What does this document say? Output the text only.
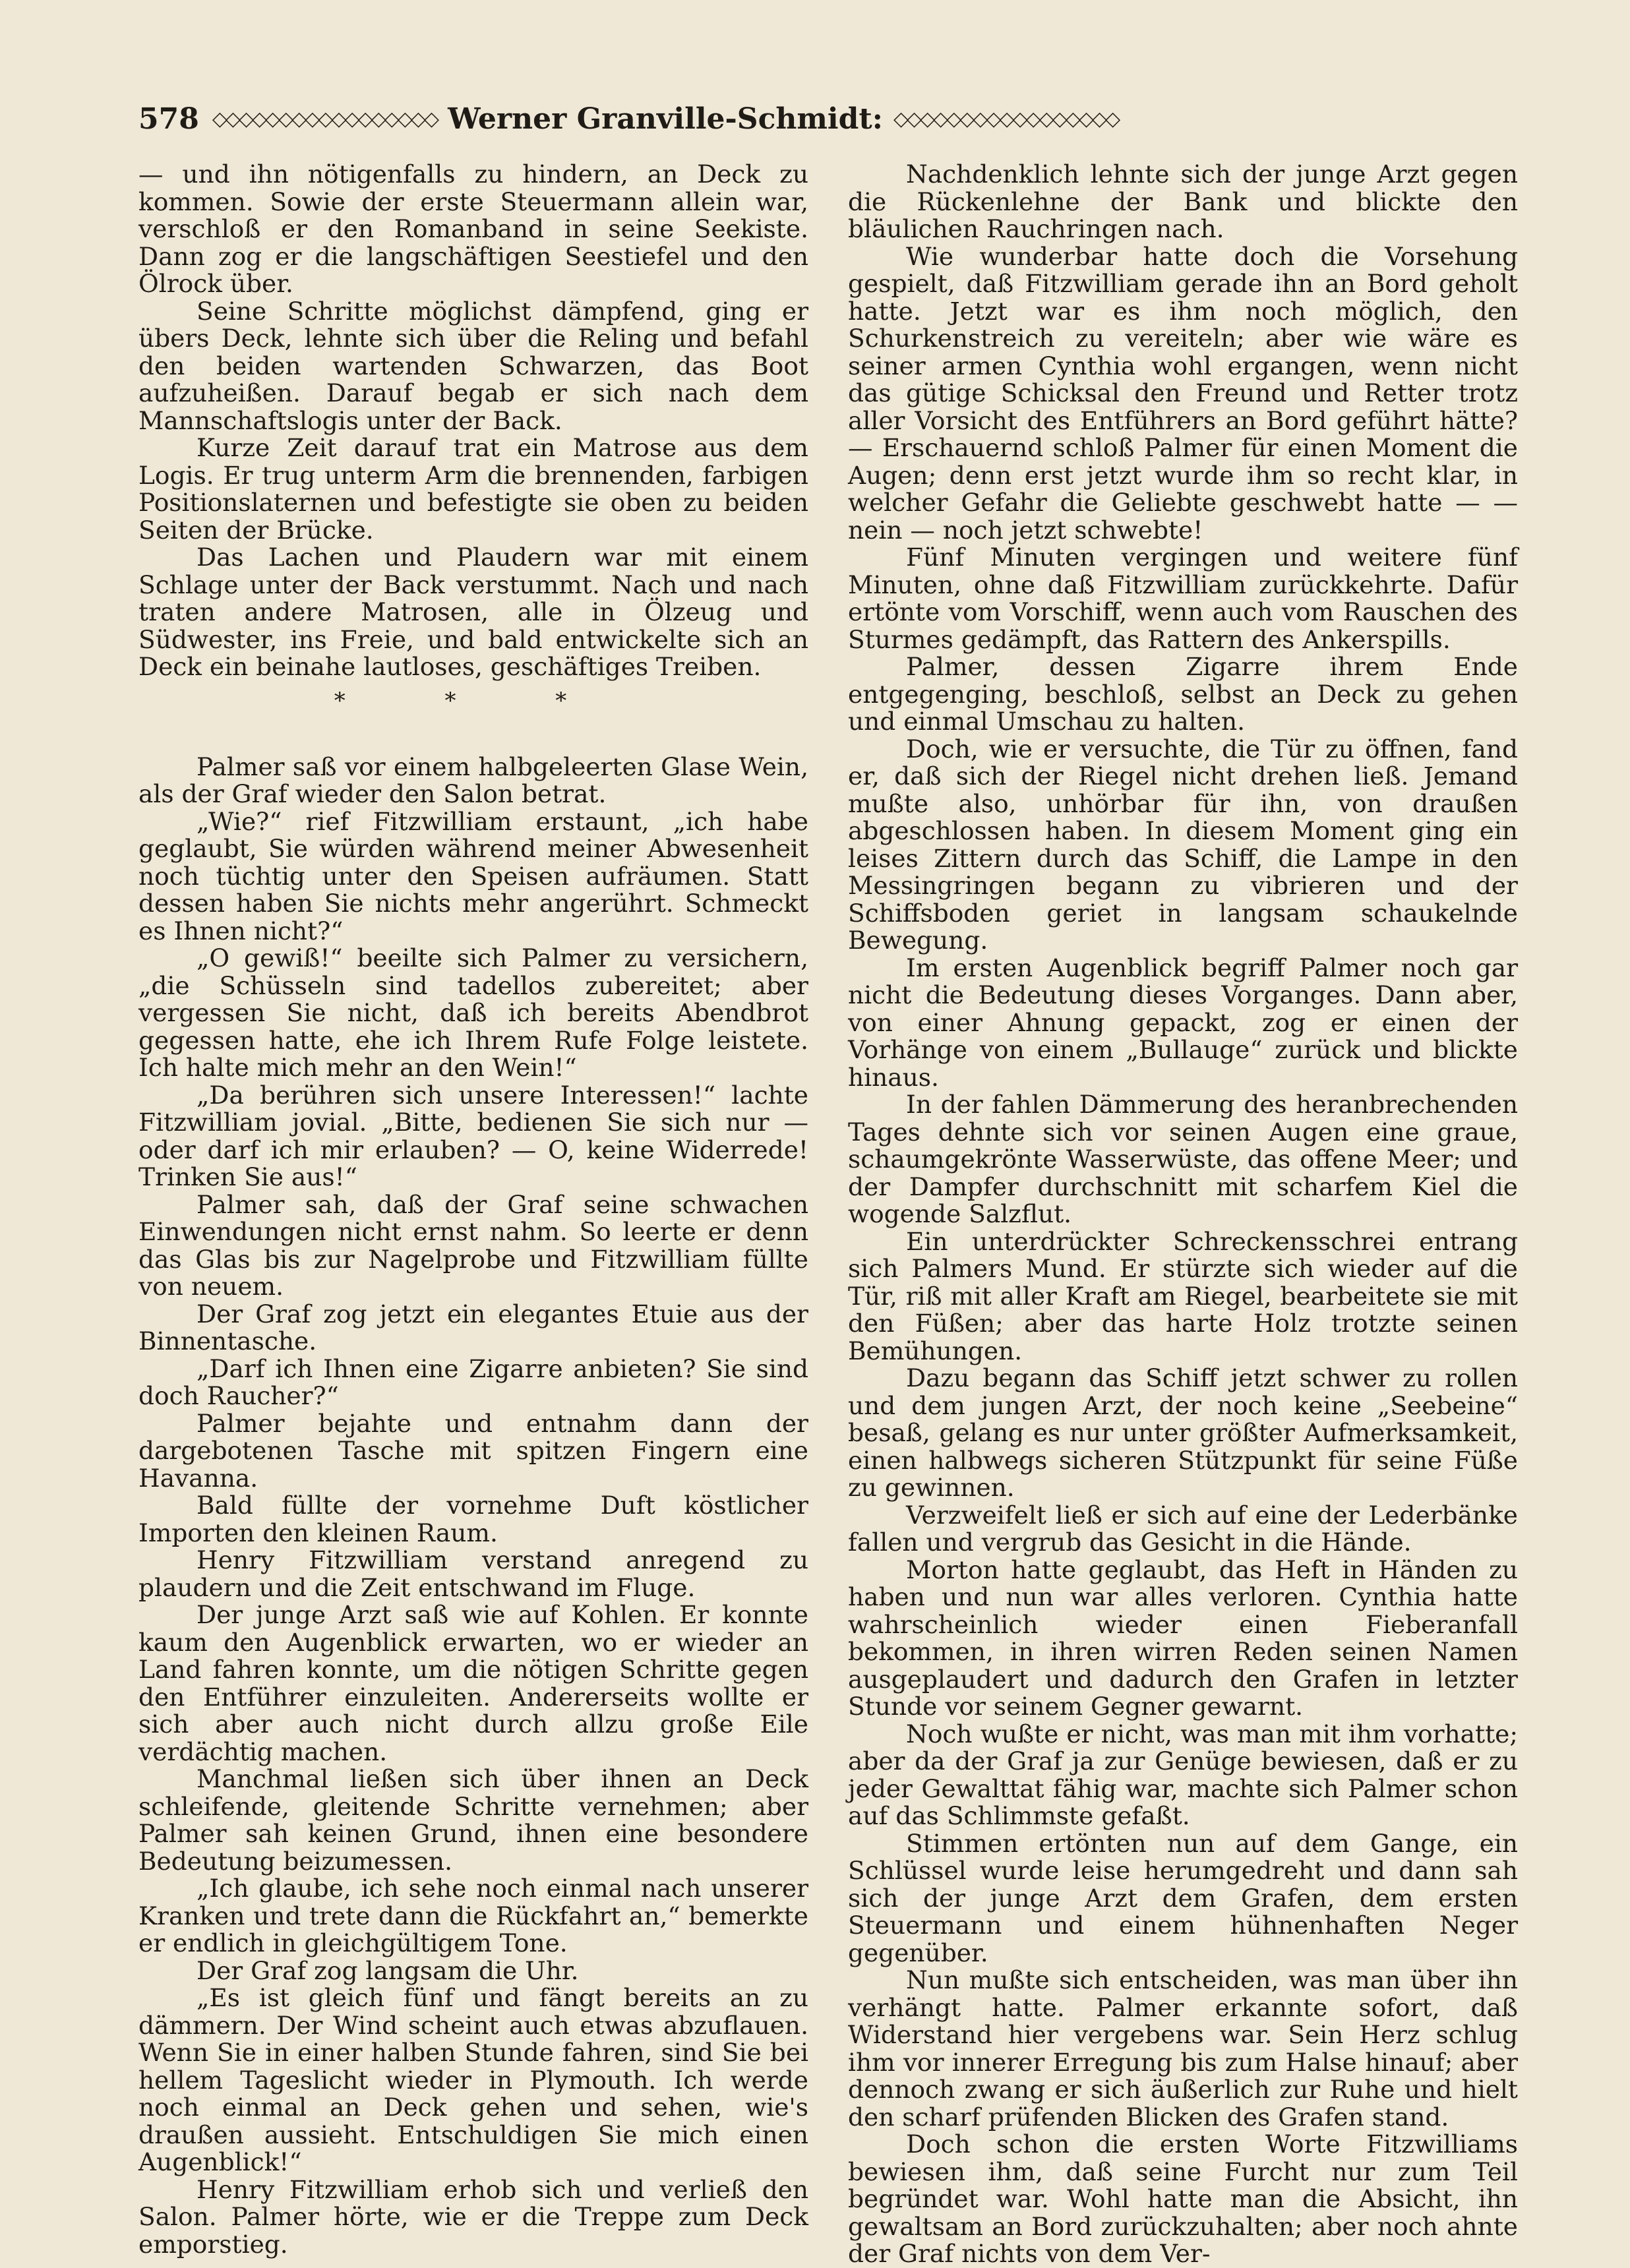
578 ◇◇◇◇◇◇◇◇◇◇◇◇◇◇◇◇◇ Werner Granville-Schmidt: ◇◇◇◇◇◇◇◇◇◇◇◇◇◇◇◇◇

— und ihn nötigenfalls zu hindern, an Deck zu kommen. Sowie der erste Steuermann allein war, verschloß er den Romanband in seine Seekiste. Dann zog er die langschäftigen Seestiefel und den Ölrock über.

Seine Schritte möglichst dämpfend, ging er übers Deck, lehnte sich über die Reling und befahl den beiden wartenden Schwarzen, das Boot aufzuheißen. Darauf begab er sich nach dem Mannschaftslogis unter der Back.

Kurze Zeit darauf trat ein Matrose aus dem Logis. Er trug unterm Arm die brennenden, farbigen Positionslaternen und befestigte sie oben zu beiden Seiten der Brücke.

Das Lachen und Plaudern war mit einem Schlage unter der Back verstummt. Nach und nach traten andere Matrosen, alle in Ölzeug und Südwester, ins Freie, und bald entwickelte sich an Deck ein beinahe lautloses, geschäftiges Treiben.

* * *

Palmer saß vor einem halbgeleerten Glase Wein, als der Graf wieder den Salon betrat.

„Wie?“ rief Fitzwilliam erstaunt, „ich habe geglaubt, Sie würden während meiner Abwesenheit noch tüchtig unter den Speisen aufräumen. Statt dessen haben Sie nichts mehr angerührt. Schmeckt es Ihnen nicht?“

„O gewiß!“ beeilte sich Palmer zu versichern, „die Schüsseln sind tadellos zubereitet; aber vergessen Sie nicht, daß ich bereits Abendbrot gegessen hatte, ehe ich Ihrem Rufe Folge leistete. Ich halte mich mehr an den Wein!“

„Da berühren sich unsere Interessen!“ lachte Fitzwilliam jovial. „Bitte, bedienen Sie sich nur — oder darf ich mir erlauben? — O, keine Widerrede! Trinken Sie aus!“

Palmer sah, daß der Graf seine schwachen Einwendungen nicht ernst nahm. So leerte er denn das Glas bis zur Nagelprobe und Fitzwilliam füllte von neuem.

Der Graf zog jetzt ein elegantes Etuie aus der Binnentasche.

„Darf ich Ihnen eine Zigarre anbieten? Sie sind doch Raucher?“

Palmer bejahte und entnahm dann der dargebotenen Tasche mit spitzen Fingern eine Havanna.

Bald füllte der vornehme Duft köstlicher Importen den kleinen Raum.

Henry Fitzwilliam verstand anregend zu plaudern und die Zeit entschwand im Fluge.

Der junge Arzt saß wie auf Kohlen. Er konnte kaum den Augenblick erwarten, wo er wieder an Land fahren konnte, um die nötigen Schritte gegen den Entführer einzuleiten. Andererseits wollte er sich aber auch nicht durch allzu große Eile verdächtig machen.

Manchmal ließen sich über ihnen an Deck schleifende, gleitende Schritte vernehmen; aber Palmer sah keinen Grund, ihnen eine besondere Bedeutung beizumessen.

„Ich glaube, ich sehe noch einmal nach unserer Kranken und trete dann die Rückfahrt an,“ bemerkte er endlich in gleichgültigem Tone.

Der Graf zog langsam die Uhr.

„Es ist gleich fünf und fängt bereits an zu dämmern. Der Wind scheint auch etwas abzuflauen. Wenn Sie in einer halben Stunde fahren, sind Sie bei hellem Tageslicht wieder in Plymouth. Ich werde noch einmal an Deck gehen und sehen, wie's draußen aussieht. Entschuldigen Sie mich einen Augenblick!“

Henry Fitzwilliam erhob sich und verließ den Salon. Palmer hörte, wie er die Treppe zum Deck emporstieg.

Nachdenklich lehnte sich der junge Arzt gegen die Rückenlehne der Bank und blickte den bläulichen Rauchringen nach.

Wie wunderbar hatte doch die Vorsehung gespielt, daß Fitzwilliam gerade ihn an Bord geholt hatte. Jetzt war es ihm noch möglich, den Schurkenstreich zu vereiteln; aber wie wäre es seiner armen Cynthia wohl ergangen, wenn nicht das gütige Schicksal den Freund und Retter trotz aller Vorsicht des Entführers an Bord geführt hätte? — Erschauernd schloß Palmer für einen Moment die Augen; denn erst jetzt wurde ihm so recht klar, in welcher Gefahr die Geliebte geschwebt hatte — — nein — noch jetzt schwebte!

Fünf Minuten vergingen und weitere fünf Minuten, ohne daß Fitzwilliam zurückkehrte. Dafür ertönte vom Vorschiff, wenn auch vom Rauschen des Sturmes gedämpft, das Rattern des Ankerspills.

Palmer, dessen Zigarre ihrem Ende entgegenging, beschloß, selbst an Deck zu gehen und einmal Umschau zu halten.

Doch, wie er versuchte, die Tür zu öffnen, fand er, daß sich der Riegel nicht drehen ließ. Jemand mußte also, unhörbar für ihn, von draußen abgeschlossen haben. In diesem Moment ging ein leises Zittern durch das Schiff, die Lampe in den Messingringen begann zu vibrieren und der Schiffsboden geriet in langsam schaukelnde Bewegung.

Im ersten Augenblick begriff Palmer noch gar nicht die Bedeutung dieses Vorganges. Dann aber, von einer Ahnung gepackt, zog er einen der Vorhänge von einem „Bullauge“ zurück und blickte hinaus.

In der fahlen Dämmerung des heranbrechenden Tages dehnte sich vor seinen Augen eine graue, schaumgekrönte Wasserwüste, das offene Meer; und der Dampfer durchschnitt mit scharfem Kiel die wogende Salzflut.

Ein unterdrückter Schreckensschrei entrang sich Palmers Mund. Er stürzte sich wieder auf die Tür, riß mit aller Kraft am Riegel, bearbeitete sie mit den Füßen; aber das harte Holz trotzte seinen Bemühungen.

Dazu begann das Schiff jetzt schwer zu rollen und dem jungen Arzt, der noch keine „Seebeine“ besaß, gelang es nur unter größter Aufmerksamkeit, einen halbwegs sicheren Stützpunkt für seine Füße zu gewinnen.

Verzweifelt ließ er sich auf eine der Lederbänke fallen und vergrub das Gesicht in die Hände.

Morton hatte geglaubt, das Heft in Händen zu haben und nun war alles verloren. Cynthia hatte wahrscheinlich wieder einen Fieberanfall bekommen, in ihren wirren Reden seinen Namen ausgeplaudert und dadurch den Grafen in letzter Stunde vor seinem Gegner gewarnt.

Noch wußte er nicht, was man mit ihm vorhatte; aber da der Graf ja zur Genüge bewiesen, daß er zu jeder Gewalttat fähig war, machte sich Palmer schon auf das Schlimmste gefaßt.

Stimmen ertönten nun auf dem Gange, ein Schlüssel wurde leise herumgedreht und dann sah sich der junge Arzt dem Grafen, dem ersten Steuermann und einem hühnenhaften Neger gegenüber.

Nun mußte sich entscheiden, was man über ihn verhängt hatte. Palmer erkannte sofort, daß Widerstand hier vergebens war. Sein Herz schlug ihm vor innerer Erregung bis zum Halse hinauf; aber dennoch zwang er sich äußerlich zur Ruhe und hielt den scharf prüfenden Blicken des Grafen stand.

Doch schon die ersten Worte Fitzwilliams bewiesen ihm, daß seine Furcht nur zum Teil begründet war. Wohl hatte man die Absicht, ihn gewaltsam an Bord zurückzuhalten; aber noch ahnte der Graf nichts von dem Ver-
